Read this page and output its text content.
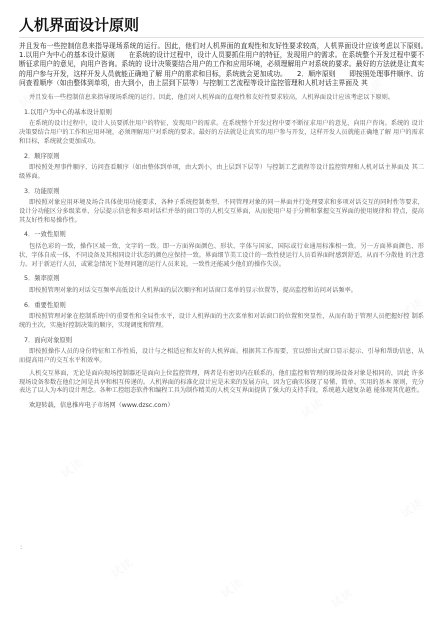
试读	试读
试读
试读
试读
试读
试读
试读	试读
试读
人机界面设计原则

并且发布一些控制信息来指导现场系统的运行。因此，他们对人机界面的直观性和友好性要求较高，人机界面设计应该考虑以下原则。　　1.以用户为中心的基本设计原则　　在系统的设计过程中，设计人员要抓住用户的特征，发现用户的需求。在系统整个开发过程中要不断征求用户的意见，向用户咨询。系统的 设计决策要结合用户的工作和应用环境，必须理解用户对系统的要求。最好的方法就是让真实的用户参与开发，这样开发人员就能正确地了解 用户的需求和目标，系统就会更加成功。　　2．顺序原则　　即按照处理事件顺序、访问查看顺序（如由整体到单项，由大到小，由上层到下层等）与控制工艺流程等设计监控管理和人机对话主界面及 其

并且发布一些控制信息来指导现场系统的运行。因此，他们对人机界面的直观性和友好性要求较高，人机界面设计应该考虑以下原则。

1.以用户为中心的基本设计原则

在系统的设计过程中，设计人员要抓住用户的特征，发现用户的需求。在系统整个开发过程中要不断征求用户的意见，向用户咨询。系统的 设计决策要结合用户的工作和应用环境，必须理解用户对系统的要求。最好的方法就是让真实的用户参与开发，这样开发人员就能正确地了解 用户的需求和目标，系统就会更加成功。

2．顺序原则

即按照处理事件顺序、访问查看顺序（如由整体到单项，由大到小，由上层到下层等）与控制工艺流程等设计监控管理和人机对话主界面及 其二级界面。

3．功能原则

即按照对象应用环境及场合具体使用功能要求，各种子系统控制类型、不同管理对象的同一界面并行处理要求和多项对话交互的同时性等要求，设计分功能区分多级菜单、分层提示信息和多项对话栏并举的窗口等的人机交互界面，从而使用户易于分辨和掌握交互界面的使用规律和 特点，提高其友好性和易操作性。

4．一致性原则

包括色彩的一致，操作区域一致，文字的一致。即一方面界面颜色、形状、字体与国家、国际或行业通用标准相一致。另一方面界面颜色、形状、字体自成一体，不同设备及其相同设计状态的颜色应保持一致。界面细节美工设计的一致性使运行人员看界面时感到舒适，从而不分散他 的注意力。对于新运行人员，或紧急情况下处理问题的运行人员来说，一致性还能减少他们的操作失误。

5．频率原则

即按照管理对象的对话交互频率高低设计人机界面的层次顺序和对话窗口菜单的显示位置等，提高监控和访问对话频率。

6．重要性原则

即按照管理对象在控制系统中的重要性和全局性水平，设计人机界面的主次菜单和对话窗口的位置和突显性，从而有助于管理人员把握好控 制系统的主次，实施好控制决策的顺序，实现调度和管理。

7．面向对象原则

即按照操作人员的身份特征和工作性质，设计与之相适应和友好的人机界面。根据其工作需要，宜以弹出式窗口显示提示、引导和帮助信息，从而提高用户的交互水平和效率。

人机交互界面，无论是面向现场控制器还是面向上位监控管理，两者是有密切内在联系的，他们监控和管理的现场设备对象是相同的，因此 许多现场设备参数在他们之间是共享和相互传递的。人机界面的标准化设计应是未来的发展方向，因为它确实体现了易懂、简单、实用的基本 原则，充分表达了以人为本的设计理念。各种工控组态软件和编程工具为制作精美的人机交互界面提供了强大的支持手段，系统越大越复杂越 能体现其优越性。

欢迎转载，信息推库电子市场网（www.dzsc.com）

:
